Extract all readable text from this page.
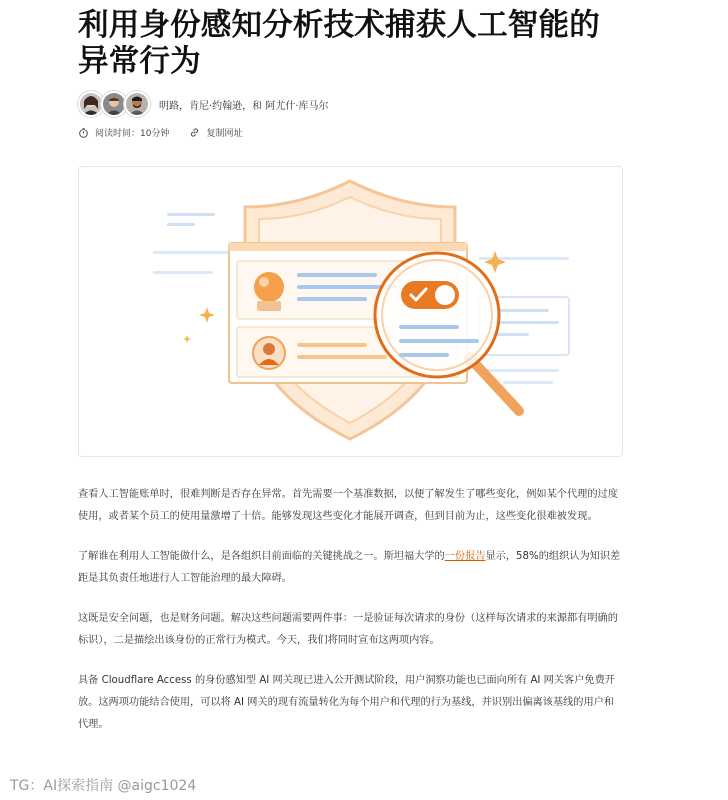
利用身份感知分析技术捕获人工智能的异常行为
明路，肯尼·约翰逊，和 阿尤什·库马尔
阅读时间：10分钟	复制网址

查看人工智能账单时，很难判断是否存在异常。首先需要一个基准数据，以便了解发生了哪些变化，例如某个代理的过度使用，或者某个员工的使用量激增了十倍。能够发现这些变化才能展开调查，但到目前为止，这些变化很难被发现。

了解谁在利用人工智能做什么，是各组织目前面临的关键挑战之一。斯坦福大学的一份报告显示，58%的组织认为知识差距是其负责任地进行人工智能治理的最大障碍。

这既是安全问题，也是财务问题。解决这些问题需要两件事：一是验证每次请求的身份（这样每次请求的来源都有明确的标识），二是描绘出该身份的正常行为模式。今天，我们将同时宣布这两项内容。

具备 Cloudflare Access 的身份感知型 AI 网关现已进入公开测试阶段，用户洞察功能也已面向所有 AI 网关客户免费开放。这两项功能结合使用，可以将 AI 网关的现有流量转化为每个用户和代理的行为基线，并识别出偏离该基线的用户和代理。

TG：AI探索指南 @aigc1024
